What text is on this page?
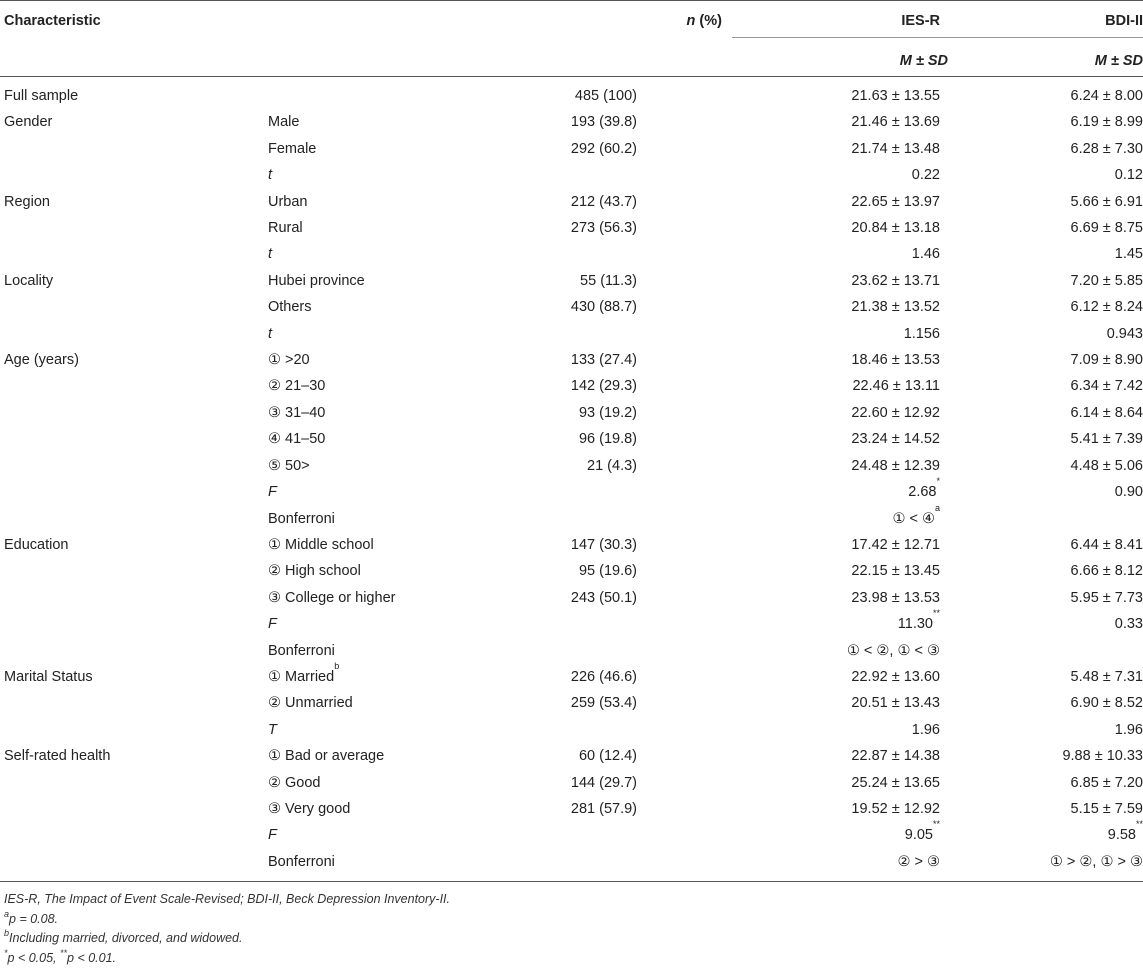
Characteristic		n (%)	IES-R	BDI-II
			M ± SD	M ± SD
Full sample		485 (100)	21.63 ± 13.55	6.24 ± 8.00
Gender	Male	193 (39.8)	21.46 ± 13.69	6.19 ± 8.99
	Female	292 (60.2)	21.74 ± 13.48	6.28 ± 7.30
	t		0.22	0.12
Region	Urban	212 (43.7)	22.65 ± 13.97	5.66 ± 6.91
	Rural	273 (56.3)	20.84 ± 13.18	6.69 ± 8.75
	t		1.46	1.45
Locality	Hubei province	55 (11.3)	23.62 ± 13.71	7.20 ± 5.85
	Others	430 (88.7)	21.38 ± 13.52	6.12 ± 8.24
	t		1.156	0.943
Age (years)	① >20	133 (27.4)	18.46 ± 13.53	7.09 ± 8.90
	② 21–30	142 (29.3)	22.46 ± 13.11	6.34 ± 7.42
	③ 31–40	93 (19.2)	22.60 ± 12.92	6.14 ± 8.64
	④ 41–50	96 (19.8)	23.24 ± 14.52	5.41 ± 7.39
	⑤ 50>	21 (4.3)	24.48 ± 12.39	4.48 ± 5.06
	F		2.68*	0.90
	Bonferroni		① < ④$^a$	
Education	① Middle school	147 (30.3)	17.42 ± 12.71	6.44 ± 8.41
	② High school	95 (19.6)	22.15 ± 13.45	6.66 ± 8.12
	③ College or higher	243 (50.1)	23.98 ± 13.53	5.95 ± 7.73
	F		11.30**	0.33
	Bonferroni		① < ②, ① < ③	
Marital Status	① Married$^b$	226 (46.6)	22.92 ± 13.60	5.48 ± 7.31
	② Unmarried	259 (53.4)	20.51 ± 13.43	6.90 ± 8.52
	T		1.96	1.96
Self-rated health	① Bad or average	60 (12.4)	22.87 ± 14.38	9.88 ± 10.33
	② Good	144 (29.7)	25.24 ± 13.65	6.85 ± 7.20
	③ Very good	281 (57.9)	19.52 ± 12.92	5.15 ± 7.59
	F		9.05**	9.58**
	Bonferroni		② > ③	① > ②, ① > ③
IES-R, The Impact of Event Scale-Revised; BDI-II, Beck Depression Inventory-II.
$^a$p = 0.08.
$^b$Including married, divorced, and widowed.
*p < 0.05, **p < 0.01.
